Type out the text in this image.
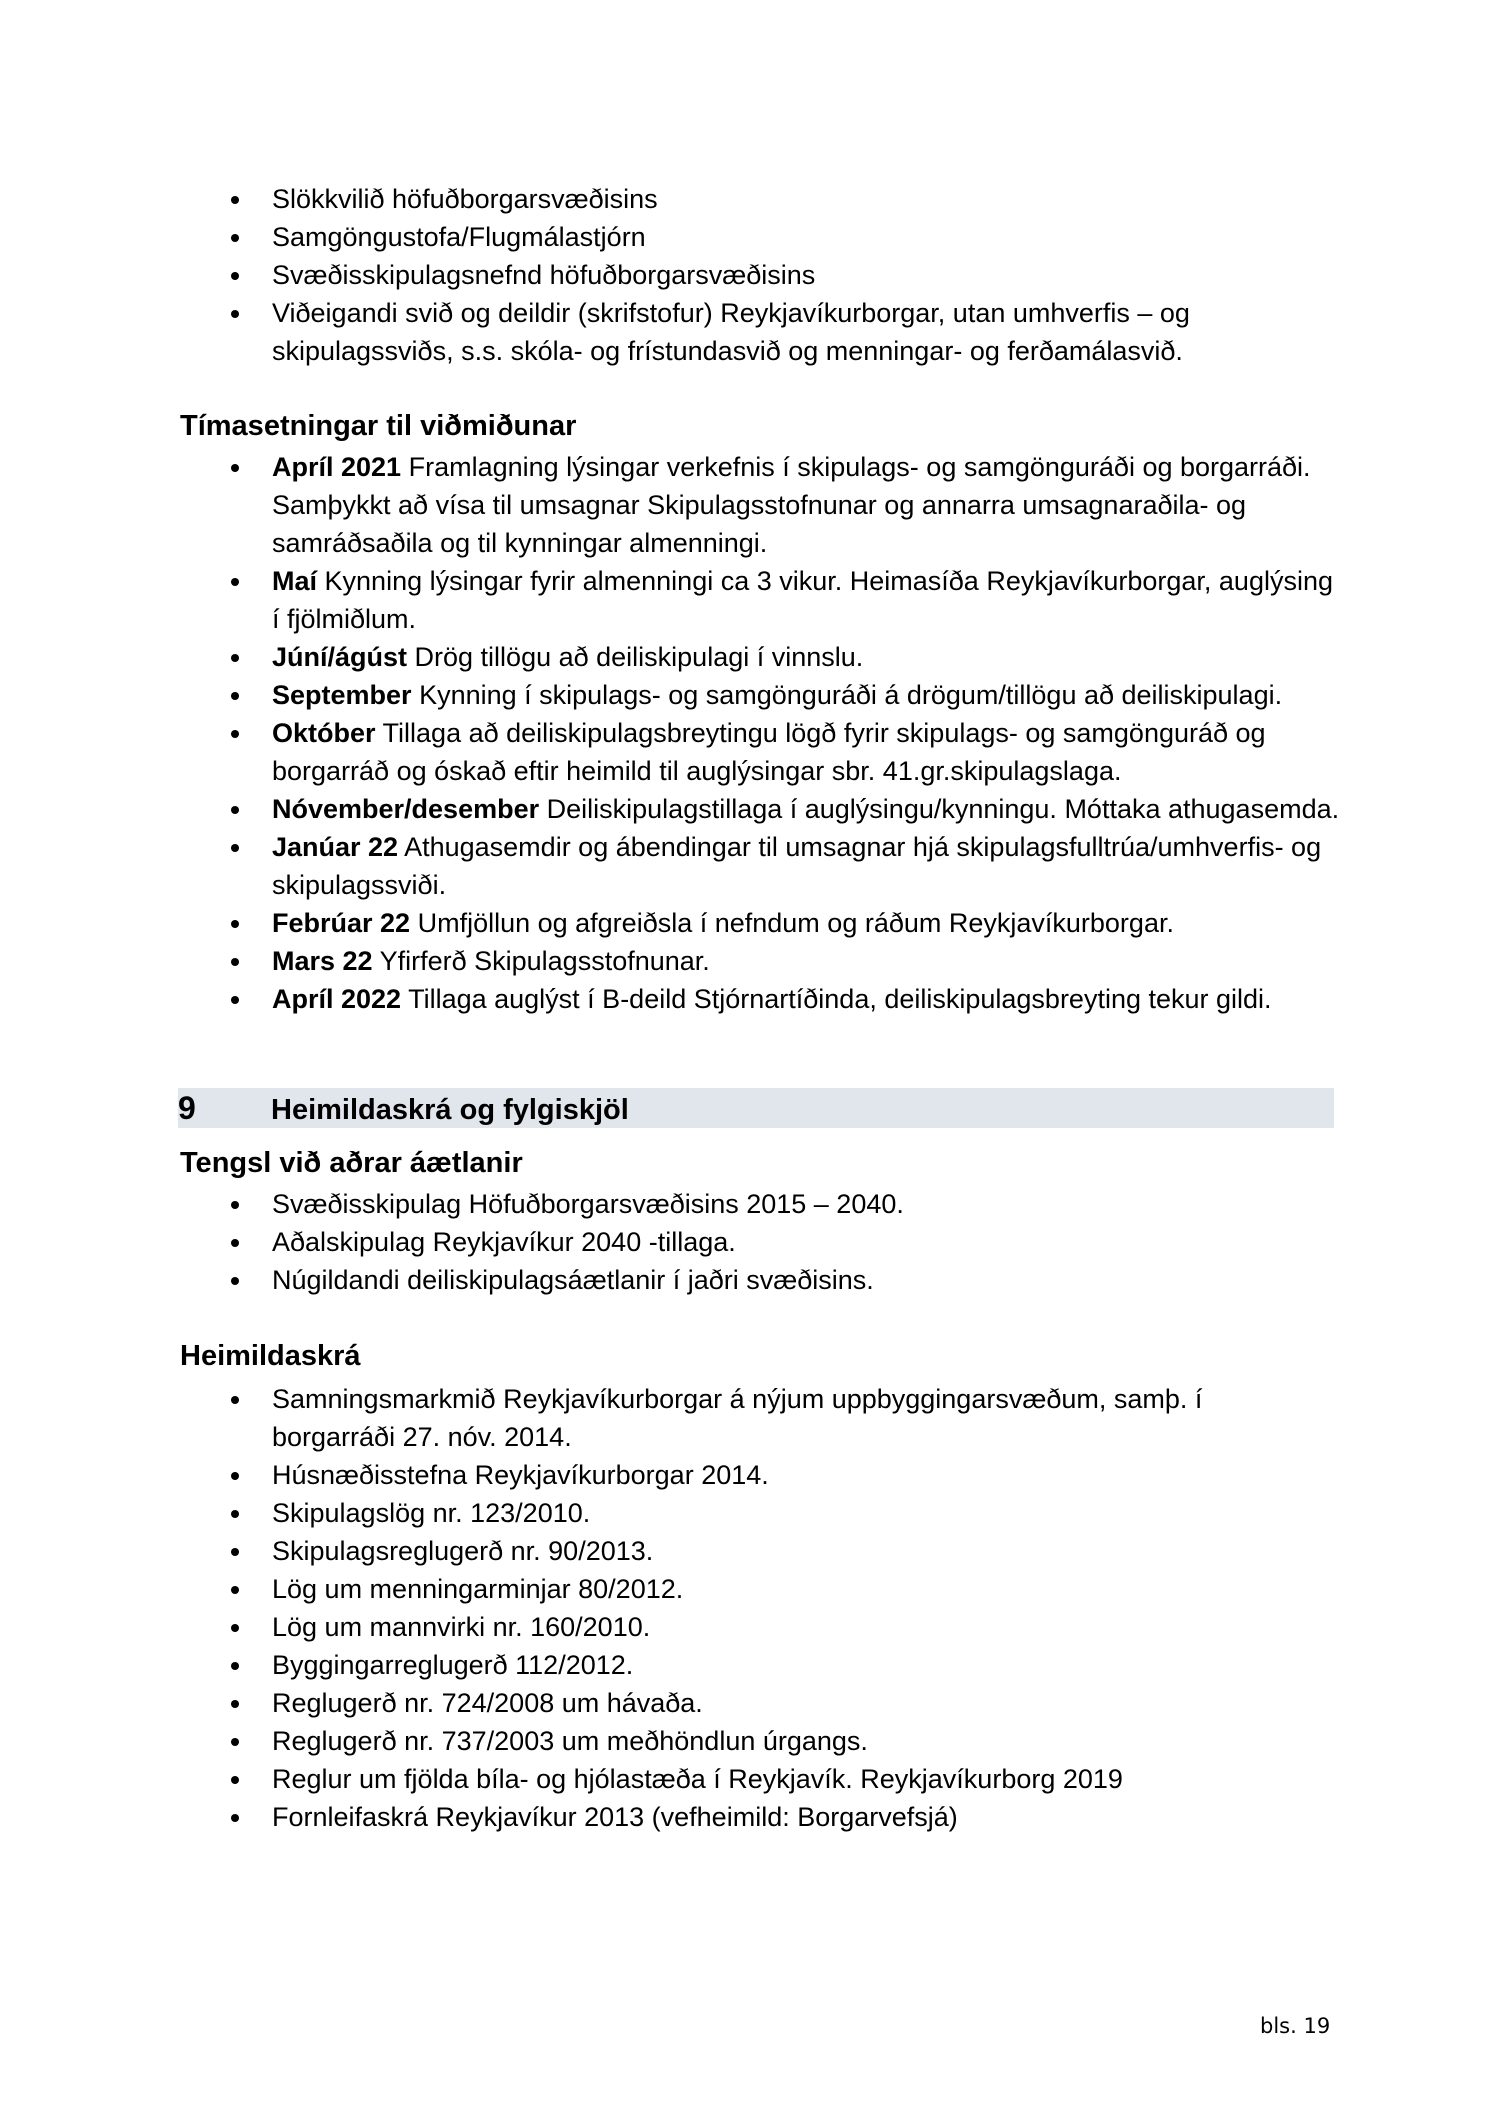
Slökkvilið höfuðborgarsvæðisins
Samgöngustofa/Flugmálastjórn
Svæðisskipulagsnefnd höfuðborgarsvæðisins
Viðeigandi svið og deildir (skrifstofur) Reykjavíkurborgar, utan umhverfis – og skipulagssviðs, s.s. skóla- og frístundasvið og menningar- og ferðamálasvið.
Tímasetningar til viðmiðunar
Apríl 2021 Framlagning lýsingar verkefnis í skipulags- og samgönguráði og borgarráði. Samþykkt að vísa til umsagnar Skipulagsstofnunar og annarra umsagnaraðila- og samráðsaðila og til kynningar almenningi.
Maí Kynning lýsingar fyrir almenningi ca 3 vikur. Heimasíða Reykjavíkurborgar, auglýsing í fjölmiðlum.
Júní/ágúst Drög tillögu að deiliskipulagi í vinnslu.
September Kynning í skipulags- og samgönguráði á drögum/tillögu að deiliskipulagi.
Október Tillaga að deiliskipulagsbreytingu lögð fyrir skipulags- og samgönguráð og borgarráð og óskað eftir heimild til auglýsingar sbr. 41.gr.skipulagslaga.
Nóvember/desember Deiliskipulagstillaga í auglýsingu/kynningu. Móttaka athugasemda.
Janúar 22 Athugasemdir og ábendingar til umsagnar hjá skipulagsfulltrúa/umhverfis- og skipulagssviði.
Febrúar 22 Umfjöllun og afgreiðsla í nefndum og ráðum Reykjavíkurborgar.
Mars 22 Yfirferð Skipulagsstofnunar.
Apríl 2022 Tillaga auglýst í B-deild Stjórnartíðinda, deiliskipulagsbreyting tekur gildi.
9	Heimildaskrá og fylgiskjöl
Tengsl við aðrar áætlanir
Svæðisskipulag Höfuðborgarsvæðisins 2015 – 2040.
Aðalskipulag Reykjavíkur 2040 -tillaga.
Núgildandi deiliskipulagsáætlanir í jaðri svæðisins.
Heimildaskrá
Samningsmarkmið Reykjavíkurborgar á nýjum uppbyggingarsvæðum, samþ. í borgarráði 27. nóv. 2014.
Húsnæðisstefna Reykjavíkurborgar 2014.
Skipulagslög nr. 123/2010.
Skipulagsreglugerð nr. 90/2013.
Lög um menningarminjar 80/2012.
Lög um mannvirki nr. 160/2010.
Byggingarreglugerð 112/2012.
Reglugerð nr. 724/2008 um hávaða.
Reglugerð nr. 737/2003 um meðhöndlun úrgangs.
Reglur um fjölda bíla- og hjólastæða í Reykjavík. Reykjavíkurborg 2019
Fornleifaskrá Reykjavíkur 2013 (vefheimild: Borgarvefsjá)
bls. 19
